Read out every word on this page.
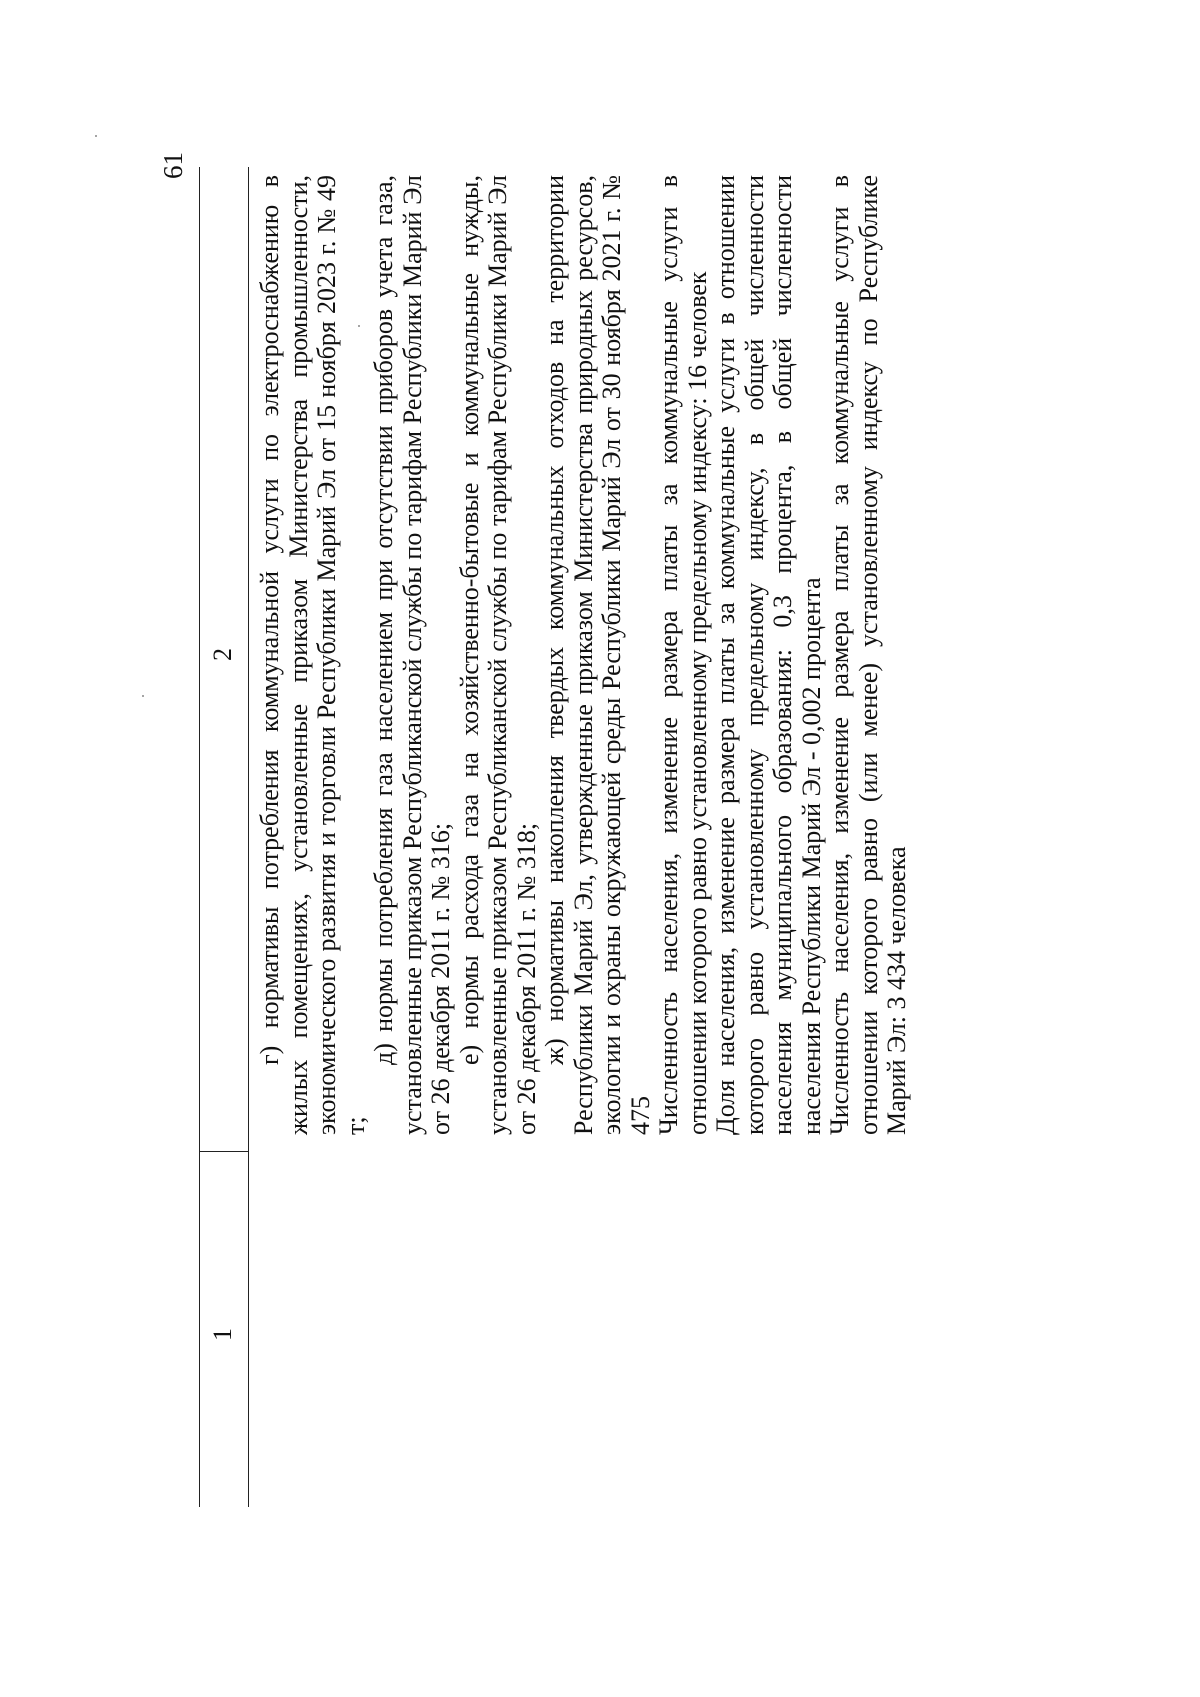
61
1
2 г) нормативы потребления коммунальной услуги по электроснабжению в жилых помещениях, установленные приказом Министерства промышленности, экономического развития и торговли Республики Марий Эл от 15 ноября 2023 г. № 49 т;

д) нормы потребления газа населением при отсутствии приборов учета газа, установленные приказом Республиканской службы по тарифам Республики Марий Эл от 26 декабря 2011 г. № 316; е) нормы расхода газа на хозяйственно-бытовые и коммунальные нужды, установленные приказом Республиканской службы по тарифам Республики Марий Эл от 26 декабря 2011 г. № 318; ж) нормативы накопления твердых коммунальных отходов на территории Республики Марий Эл, утвержденные приказом Министерства природных ресурсов, экологии и охраны окружающей среды Республики Марий Эл от 30 ноября 2021 г. № 475 Численность населения, изменение размера платы за коммунальные услуги в отношении которого равно установленному предельному индексу: 16 человек Доля населения, изменение размера платы за коммунальные услуги в отношении которого равно установленному предельному индексу, в общей численности населения муниципального образования: 0,3 процента, в общей численности населения Республики Марий Эл - 0,002 процента Численность населения, изменение размера платы за коммунальные услуги в отношении которого равно (или менее) установленному индексу по Республике Марий Эл: 3 434 человека
